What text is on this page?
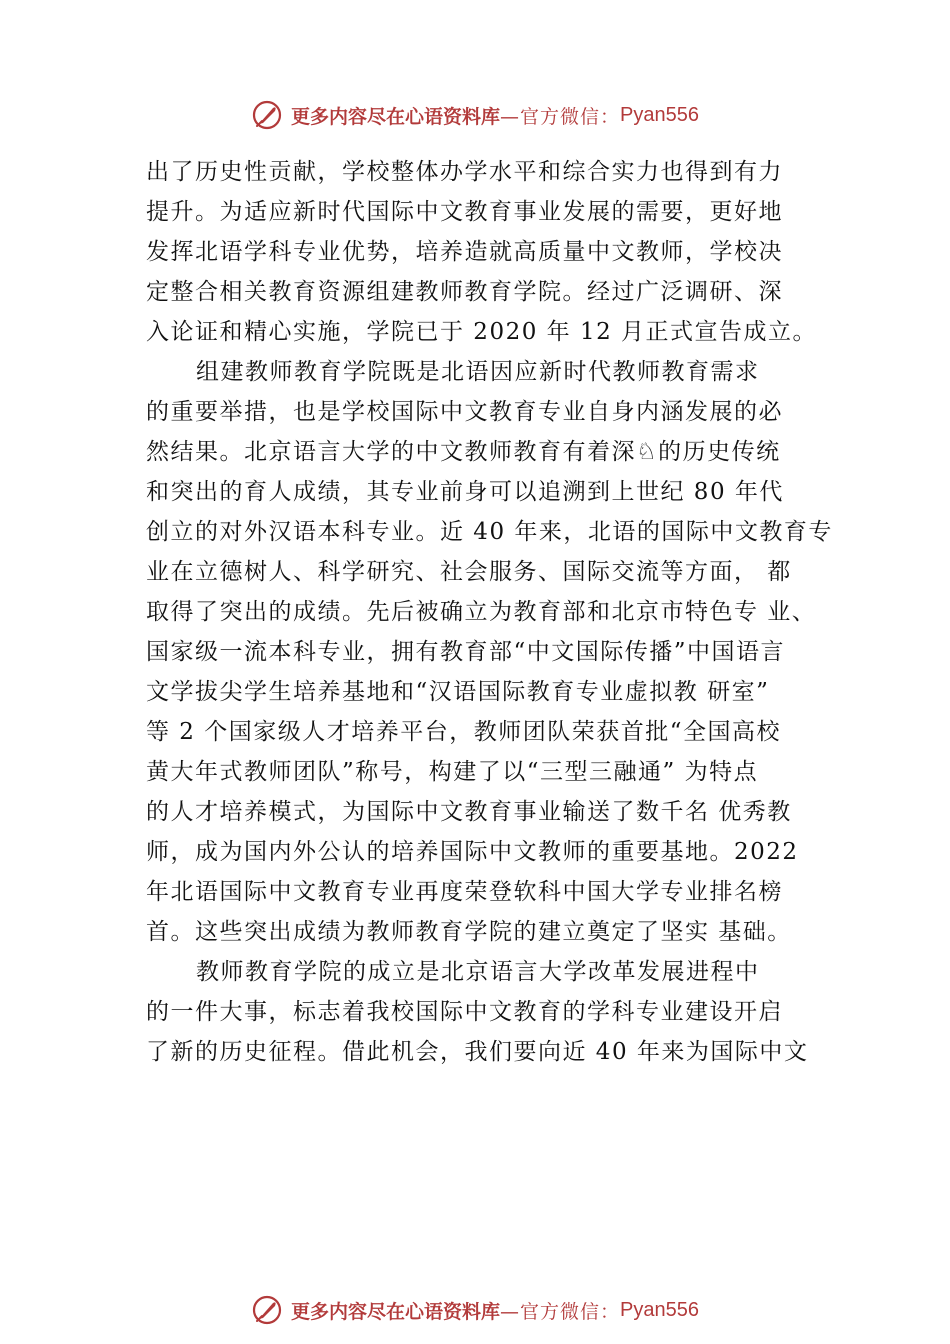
更多内容尽在心语资料库 —官方微信： Pyan556
出了历史性贡献，学校整体办学水平和综合实力也得到有力
提升。为适应新时代国际中文教育事业发展的需要，更好地
发挥北语学科专业优势，培养造就高质量中文教师，学校决
定整合相关教育资源组建教师教育学院。经过广泛调研、深
入论证和精心实施，学院已于 2020 年 12 月正式宣告成立。
组建教师教育学院既是北语因应新时代教师教育需求
的重要举措，也是学校国际中文教育专业自身内涵发展的必
然结果。北京语言大学的中文教师教育有着深♘的历史传统
和突出的育人成绩，其专业前身可以追溯到上世纪 80 年代
创立的对外汉语本科专业。近 40 年来，北语的国际中文教育专
业在立德树人、科学研究、社会服务、国际交流等方面， 都
取得了突出的成绩。先后被确立为教育部和北京市特色专 业、
国家级一流本科专业，拥有教育部“中文国际传播”中国语言
文学拔尖学生培养基地和“汉语国际教育专业虚拟教 研室”
等 2 个国家级人才培养平台，教师团队荣获首批“全国高校
黄大年式教师团队”称号，构建了以“三型三融通” 为特点
的人才培养模式，为国际中文教育事业输送了数千名 优秀教
师，成为国内外公认的培养国际中文教师的重要基地。2022
年北语国际中文教育专业再度荣登软科中国大学专业排名榜
首。这些突出成绩为教师教育学院的建立奠定了坚实 基础。
教师教育学院的成立是北京语言大学改革发展进程中
的一件大事，标志着我校国际中文教育的学科专业建设开启
了新的历史征程。借此机会，我们要向近 40 年来为国际中文
更多内容尽在心语资料库 —官方微信： Pyan556
